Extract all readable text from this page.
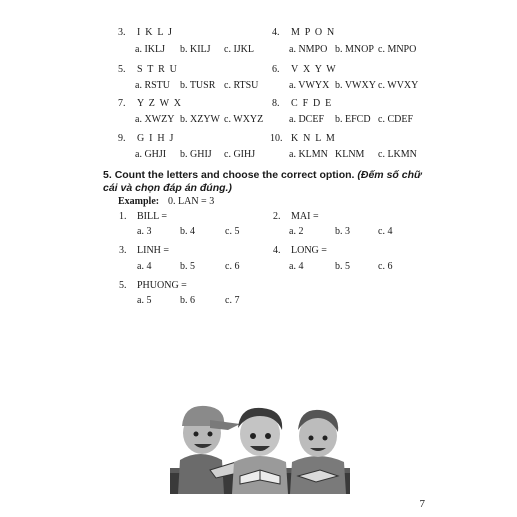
3. I K L J
a. IKLJ b. KILJ c. IJKL
5. S T R U
a. RSTU b. TUSR c. RTSU
7. Y Z W X
a. XWZY b. XZYW c. WXYZ
9. G I H J
a. GHJI b. GHIJ c. GIHJ
4. M P O N
a. NMPO b. MNOP c. MNPO
6. V X Y W
a. VWYX b. VWXY c. WVXY
8. C F D E
a. DCEF b. EFCD c. CDEF
10. K N L M
a. KLMN KLNM c. LKMN
5. Count the letters and choose the correct option. (Đếm số chữ cái và chọn đáp án đúng.)
Example: 0. LAN = 3
1. BILL =
a. 3	b. 4	c. 5
2. MAI =
a. 2	b. 3	c. 4
3. LINH =
a. 4	b. 5	c. 6
4. LONG =
a. 4	b. 5	c. 6
5. PHUONG =
a. 5	b. 6	c. 7
7
